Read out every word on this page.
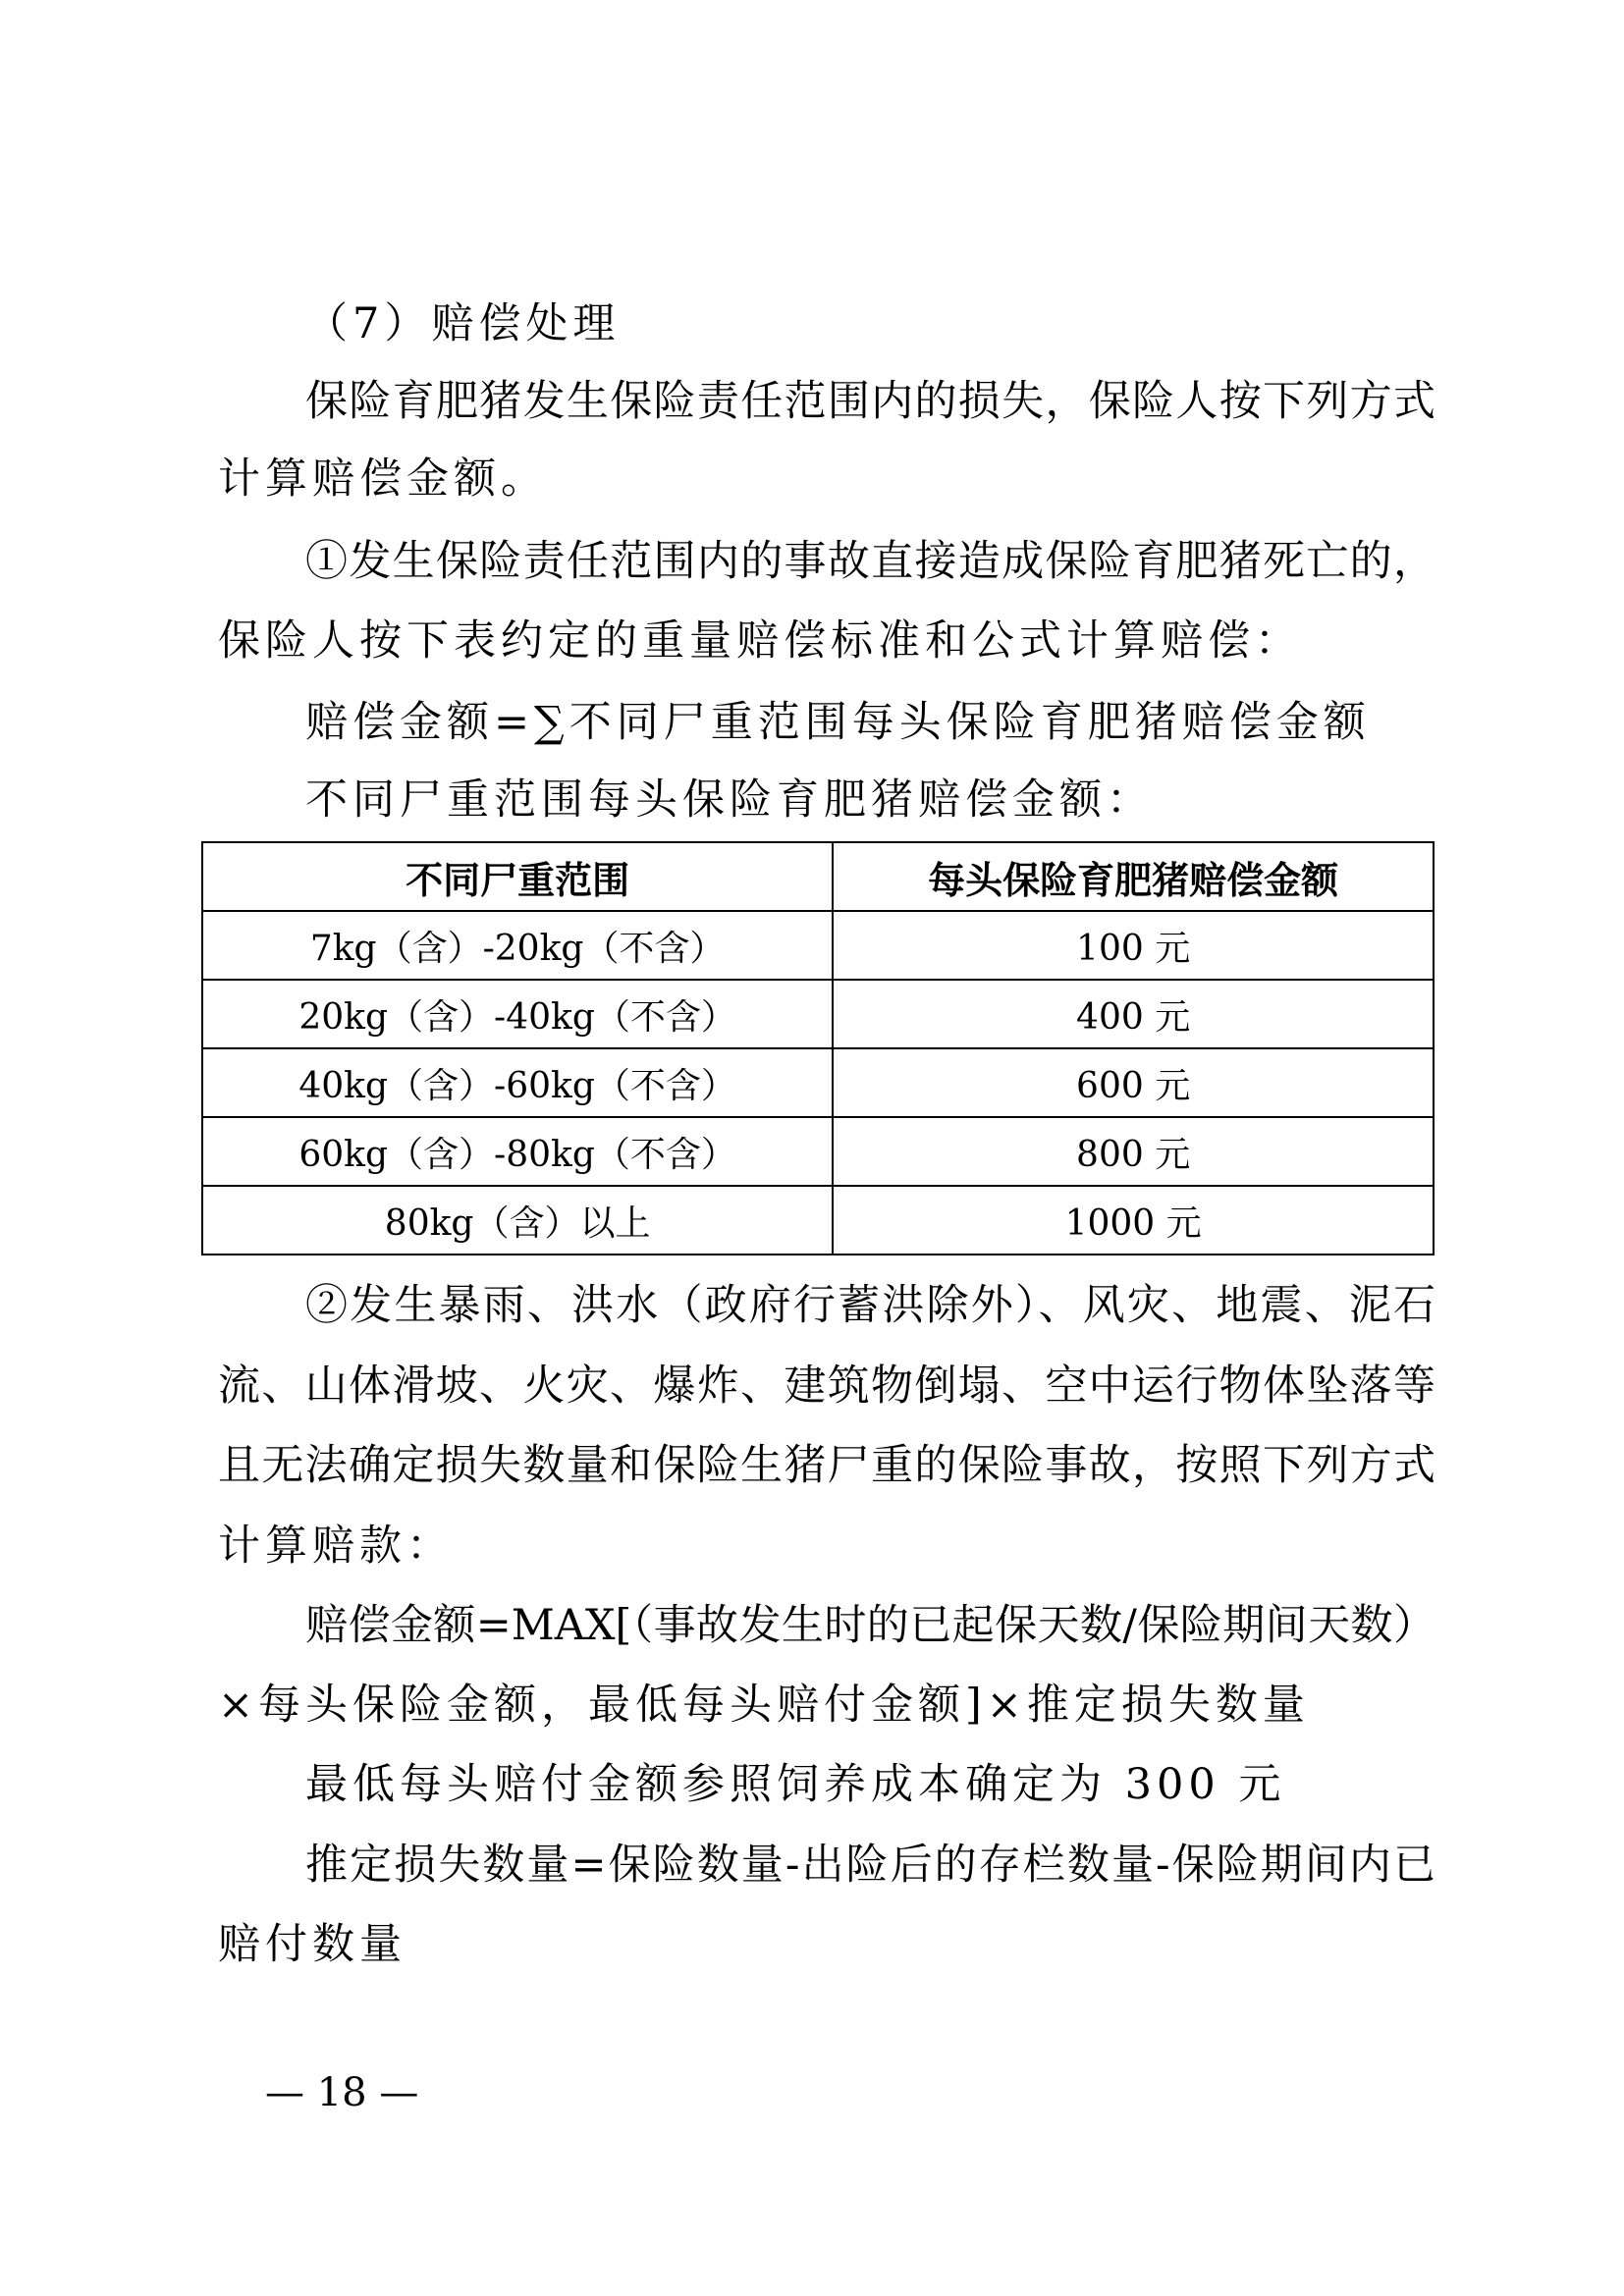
（7）赔偿处理
保险育肥猪发生保险责任范围内的损失，保险人按下列方式
计算赔偿金额。
①发生保险责任范围内的事故直接造成保险育肥猪死亡的，
保险人按下表约定的重量赔偿标准和公式计算赔偿：
赔偿金额=∑不同尸重范围每头保险育肥猪赔偿金额
不同尸重范围每头保险育肥猪赔偿金额：
不同尸重范围	每头保险育肥猪赔偿金额
7kg（含）-20kg（不含）	100 元
20kg（含）-40kg（不含）	400 元
40kg（含）-60kg（不含）	600 元
60kg（含）-80kg（不含）	800 元
80kg（含）以上	1000 元
②发生暴雨、洪水（政府行蓄洪除外）、风灾、地震、泥石
流、山体滑坡、火灾、爆炸、建筑物倒塌、空中运行物体坠落等
且无法确定损失数量和保险生猪尸重的保险事故，按照下列方式
计算赔款：
赔偿金额=MAX[（事故发生时的已起保天数/保险期间天数）
×每头保险金额，最低每头赔付金额]×推定损失数量
最低每头赔付金额参照饲养成本确定为 300 元
推定损失数量=保险数量-出险后的存栏数量-保险期间内已
赔付数量
— 18 —
